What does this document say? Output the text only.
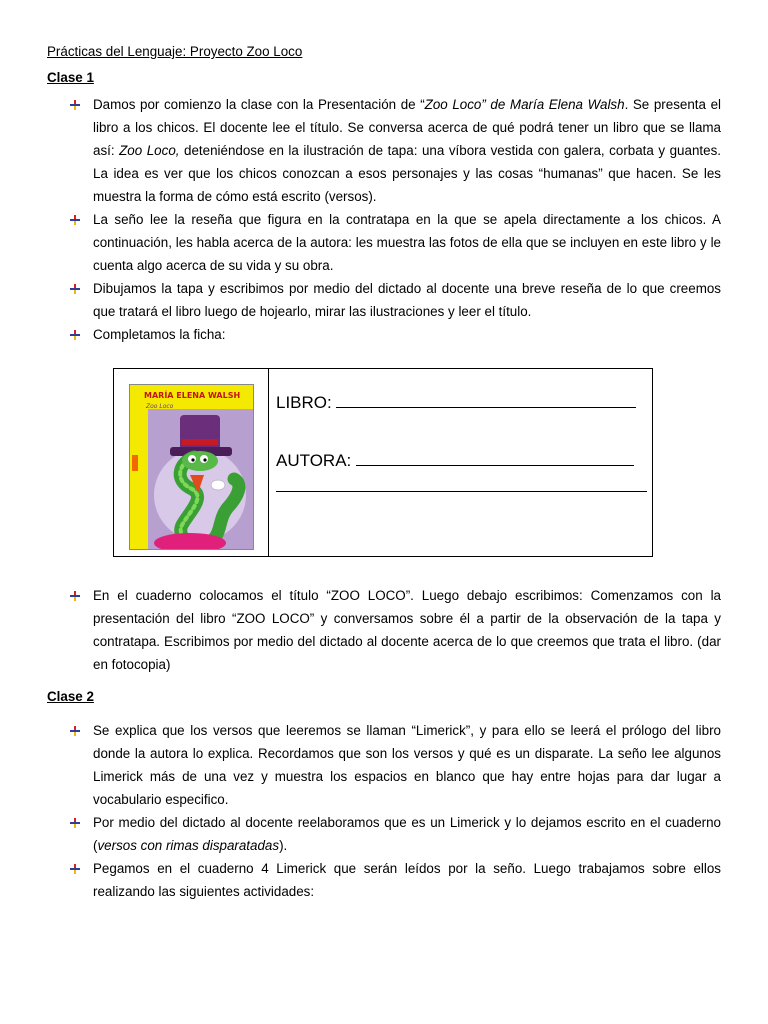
Prácticas del Lenguaje: Proyecto Zoo Loco
Clase 1
Damos por comienzo la clase con la Presentación de “Zoo Loco” de María Elena Walsh. Se presenta el libro a los chicos. El docente lee el título. Se conversa acerca de qué podrá tener un libro que se llama así: Zoo Loco, deteniéndose en la ilustración de tapa: una víbora vestida con galera, corbata y guantes. La idea es ver que los chicos conozcan a esos personajes y las cosas “humanas” que hacen. Se les muestra la forma de cómo está escrito (versos).
La seño lee la reseña que figura en la contratapa en la que se apela directamente a los chicos. A continuación, les habla acerca de la autora: les muestra las fotos de ella que se incluyen en este libro y le cuenta algo acerca de su vida y su obra.
Dibujamos la tapa y escribimos por medio del dictado al docente una breve reseña de lo que creemos que tratará el libro luego de hojearlo, mirar las ilustraciones y leer el título.
Completamos la ficha:
MARÍA ELENA WALSH
Zoo Loco	LIBRO:
AUTORA:
En el cuaderno colocamos el título “ZOO LOCO”. Luego debajo escribimos: Comenzamos con la presentación del libro “ZOO LOCO” y conversamos sobre él a partir de la observación de la tapa y contratapa. Escribimos por medio del dictado al docente acerca de lo que creemos que trata el libro. (dar en fotocopia)
Clase 2
Se explica que los versos que leeremos se llaman “Limerick”, y para ello se leerá el prólogo del libro donde la autora lo explica. Recordamos que son los versos y qué es un disparate. La seño lee algunos Limerick más de una vez y muestra los espacios en blanco que hay entre hojas para dar lugar a vocabulario especifico.
Por medio del dictado al docente reelaboramos que es un Limerick y lo dejamos escrito en el cuaderno (versos con rimas disparatadas).
Pegamos en el cuaderno 4 Limerick que serán leídos por la seño. Luego trabajamos sobre ellos realizando las siguientes actividades:
